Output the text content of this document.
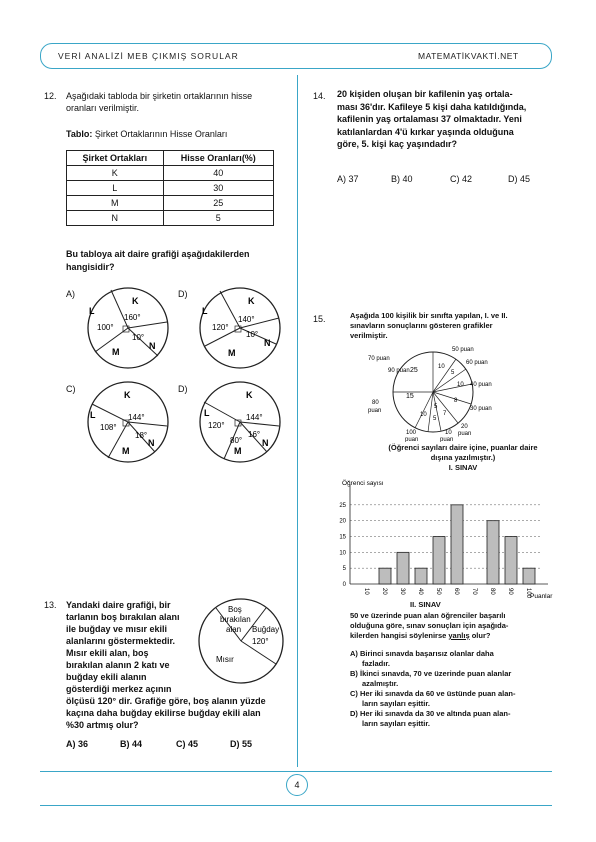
VERİ ANALİZİ MEB ÇIKMIŞ SORULAR	MATEMATİKVAKTİ.NET
4
12. Aşağıdaki tabloda bir şirketin ortaklarının hisse
oranları verilmiştir.
Tablo: Şirket Ortaklarının Hisse Oranları
Şirket Ortakları	Hisse Oranları(%)
K	40
L	30
M	25
N	5
Bu tabloya ait daire grafiği aşağıdakilerden
hangisidir?
A)
K
L
M
N
160°
100°
10°
D)
K
L
M
N
140°
120°
10°
C)
K
L
M
N
144°
108°
18°
D)
K
L
M
N
144°
120°
16°
80°
13. Yandaki daire grafiği, bir
tarlanın boş bırakılan alanı
ile buğday ve mısır ekili
alanlarını göstermektedir.
Mısır ekili alan, boş
bırakılan alanın 2 katı ve
buğday ekili alanın
gösterdiği merkez açının
ölçüsü 120° dir. Grafiğe göre, boş alanın yüzde
kaçına daha buğday ekilirse buğday ekili alan
%30 artmış olur?
Boş
bırakılan
alan Buğday
120°
Mısır
A) 36	B) 44	C) 45	D) 55
14. 20 kişiden oluşan bir kafilenin yaş ortala-
ması 36'dır. Kafileye 5 kişi daha katıldığında,
kafilenin yaş ortalaması 37 olmaktadır. Yeni
katılanlardan 4'ü kırkar yaşında olduğuna
göre, 5. kişi kaç yaşındadır?
A) 37	B) 40	C) 42	D) 45
15.	Aşağıda 100 kişilik bir sınıfta yapılan, I. ve II.
sınavların sonuçlarını gösteren grafikler
verilmiştir.
25
15
10
5
10
8
7
5
10
5
50 puan
60 puan
40 puan
30 puan
70 puan
80
puan
20
puan
10
puan
100
puan
90 puan
(Öğrenci sayıları daire içine, puanlar daire
dışına yazılmıştır.)
I. SINAV
Öğrenci sayısı
0
5
10
15
20
25
10 20 30 40 50 60 70 80 90 100 Puanlar
II. SINAV
50 ve üzerinde puan alan öğrenciler başarılı
olduğuna göre, sınav sonuçları için aşağıda-
kilerden hangisi söylenirse yanlış olur?
A) Birinci sınavda başarısız olanlar daha
fazladır.
B) İkinci sınavda, 70 ve üzerinde puan alanlar
azalmıştır.
C) Her iki sınavda da 60 ve üstünde puan alan-
ların sayıları eşittir.
D) Her iki sınavda da 30 ve altında puan alan-
ların sayıları eşittir.
